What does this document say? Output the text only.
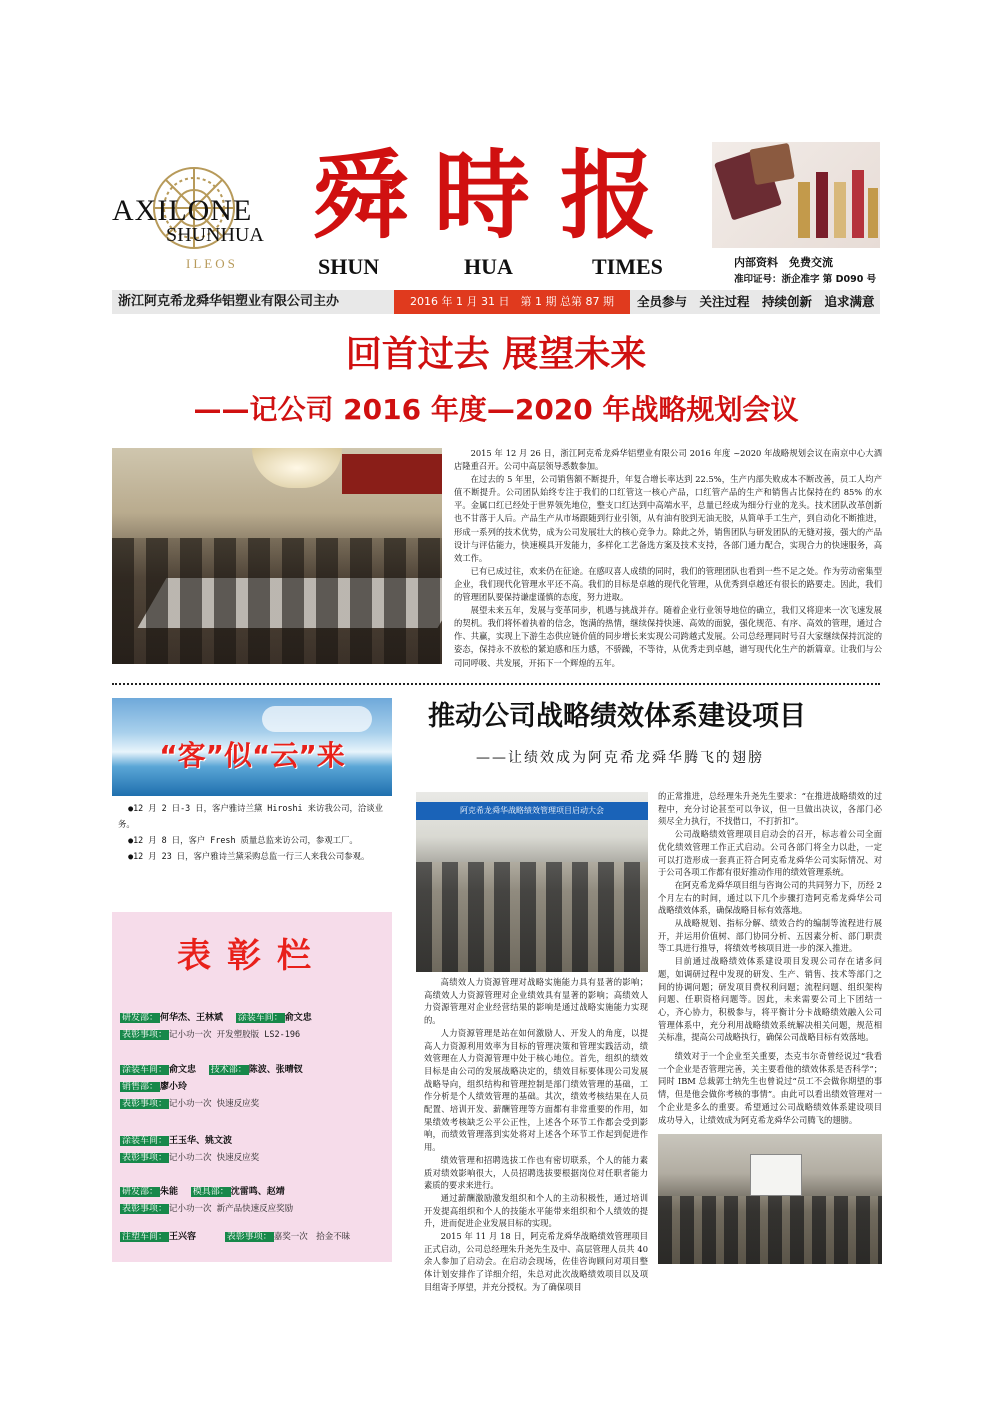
AXILONE
SHUNHUA
ILEOS
舜 時 报
SHUN	HUA	TIMES	内部资料　免费交流
准印证号：浙企准字 第 D090 号
浙江阿克希龙舜华铝塑业有限公司主办	2016 年 1 月 31 日　第 1 期 总第 87 期	全员参与　关注过程　持续创新　追求满意
回首过去 展望未来
——记公司 2016 年度—2020 年战略规划会议

2015 年 12 月 26 日，浙江阿克希龙舜华铝塑业有限公司 2016 年度 ~2020 年战略规划会议在南京中心大酒店隆重召开。公司中高层领导悉数参加。

在过去的 5 年里，公司销售额不断提升，年复合增长率达到 22.5%，生产内部失败成本不断改善，员工人均产值不断提升。公司团队始终专注于我们的口红管这一核心产品，口红管产品的生产和销售占比保持在约 85% 的水平。金属口红已经处于世界领先地位，整支口红达到中高端水平，总量已经成为细分行业的龙头。技术团队改革创新也不甘落于人后。产品生产从市场跟随到行业引领，从有油有胶到无油无胶，从简单手工生产，到自动化不断推进，形成一系列的技术优势，成为公司发展壮大的核心竞争力。除此之外，销售团队与研发团队的无缝对接，强大的产品设计与评估能力，快速模具开发能力，多样化工艺备选方案及技术支持，各部门通力配合，实现合力的快速服务，高效工作。

已有已成过往，欢来仍在征途。在感叹喜人成绩的同时，我们的管理团队也看到一些不足之处。作为劳动密集型企业，我们现代化管理水平还不高。我们的目标是卓越的现代化管理，从优秀到卓越还有很长的路要走。因此，我们的管理团队要保持谦虚谨慎的态度，努力进取。

展望未来五年，发展与变革同步，机遇与挑战并存。随着企业行业领导地位的确立，我们又将迎来一次飞速发展的契机。我们将怀着执着的信念，饱满的热情，继续保持快速、高效的面貌，强化规范、有序、高效的管理，通过合作、共赢，实现上下游生态供应链价值的同步增长来实现公司跨越式发展。公司总经理同时号召大家继续保持沉淀的姿态，保持永不放松的紧迫感和压力感，不骄躁，不等待，从优秀走到卓越，谱写现代化生产的新篇章。让我们与公司同呼吸、共发展，开拓下一个辉煌的五年。

“客”似“云”来
●12 月 2 日-3 日，客户雅诗兰黛 Hiroshi 来访我公司，洽谈业务。
●12 月 8 日，客户 Fresh 质量总监来访公司，参观工厂。
●12 月 23 日，客户雅诗兰黛采购总监一行三人来我公司参观。
表彰栏
研发部： 何华杰、王林斌 涂装车间： 俞文忠
表彰事项： 记小功一次 开发塑胶版 LS2-196
涂装车间： 俞文忠 技术部： 陈波、张晴钗
销售部： 廖小玲
表彰事项： 记小功一次 快速反应奖
涂装车间： 王玉华、姚文波
表彰事项： 记小功二次 快速反应奖
研发部： 朱能 模具部： 沈雷鸣、赵靖
表彰事项： 记小功一次 新产品快速反应奖励
注塑车间： 王兴容	表彰事项： 嘉奖一次　拾金不昧
推动公司战略绩效体系建设项目
——让绩效成为阿克希龙舜华腾飞的翅膀
阿克希龙舜华战略绩效管理项目启动大会

高绩效人力资源管理对战略实施能力具有显著的影响；高绩效人力资源管理对企业绩效具有显著的影响；高绩效人力资源管理对企业经营结果的影响是通过战略实施能力实现的。

人力资源管理是站在如何激励人、开发人的角度，以提高人力资源利用效率为目标的管理决策和管理实践活动，绩效管理在人力资源管理中处于核心地位。首先，组织的绩效目标是由公司的发展战略决定的，绩效目标要体现公司发展战略导向，组织结构和管理控制是部门绩效管理的基础，工作分析是个人绩效管理的基础。其次，绩效考核结果在人员配置、培训开发、薪酬管理等方面都有非常重要的作用，如果绩效考核缺乏公平公正性，上述各个环节工作都会受到影响，而绩效管理落到实处将对上述各个环节工作起到促进作用。

绩效管理和招聘选拔工作也有密切联系，个人的能力素质对绩效影响很大，人员招聘选拔要根据岗位对任职者能力素质的要求来进行。

通过薪酬激励激发组织和个人的主动积极性，通过培训开发提高组织和个人的技能水平能带来组织和个人绩效的提升，进而促进企业发展目标的实现。

2015 年 11 月 18 日，阿克希龙舜华战略绩效管理项目正式启动，公司总经理朱升尧先生及中、高层管理人员共 40 余人参加了启动会。在启动会现场，佐佳咨询顾问对项目整体计划安排作了详细介绍，朱总对此次战略绩效项目以及项目组寄予厚望，并充分授权。为了确保项目

的正常推进，总经理朱升尧先生要求：“在推进战略绩效的过程中，充分讨论甚至可以争议，但一旦做出决议，各部门必须尽全力执行，不找借口，不打折扣”。

公司战略绩效管理项目启动会的召开，标志着公司全面优化绩效管理工作正式启动。公司各部门将全力以赴，一定可以打造形成一套真正符合阿克希龙舜华公司实际情况、对于公司各项工作都有很好推动作用的绩效管理系统。

在阿克希龙舜华项目组与咨询公司的共同努力下，历经 2 个月左右的时间，通过以下几个步骤打造阿克希龙舜华公司战略绩效体系，确保战略目标有效落地。

从战略规划、指标分解、绩效合约的编制等流程进行展开，并运用价值树、部门协同分析、五因素分析、部门职责等工具进行推导，将绩效考核项目进一步的深入推进。

目前通过战略绩效体系建设项目发现公司存在诸多问题，如调研过程中发现的研发、生产、销售、技术等部门之间的协调问题；研发项目费权利问题；流程问题、组织架构问题、任职资格问题等。因此，未来需要公司上下团结一心，齐心协力，积极参与，将平衡计分卡战略绩效融入公司管理体系中，充分利用战略绩效系统解决相关问题，规范相关标准，提高公司战略执行，确保公司战略目标有效落地。

绩效对于一个企业至关重要，杰克韦尔奇曾经说过“我看一个企业是否管理完善，关主要看他的绩效体系是否科学”；同时 IBM 总裁郭士纳先生也曾说过“员工不会做你期望的事情，但是他会做你考核的事情”。由此可以看出绩效管理对一个企业是多么的重要。希望通过公司战略绩效体系建设项目成功导入，让绩效成为阿克希龙舜华公司腾飞的翅膀。
